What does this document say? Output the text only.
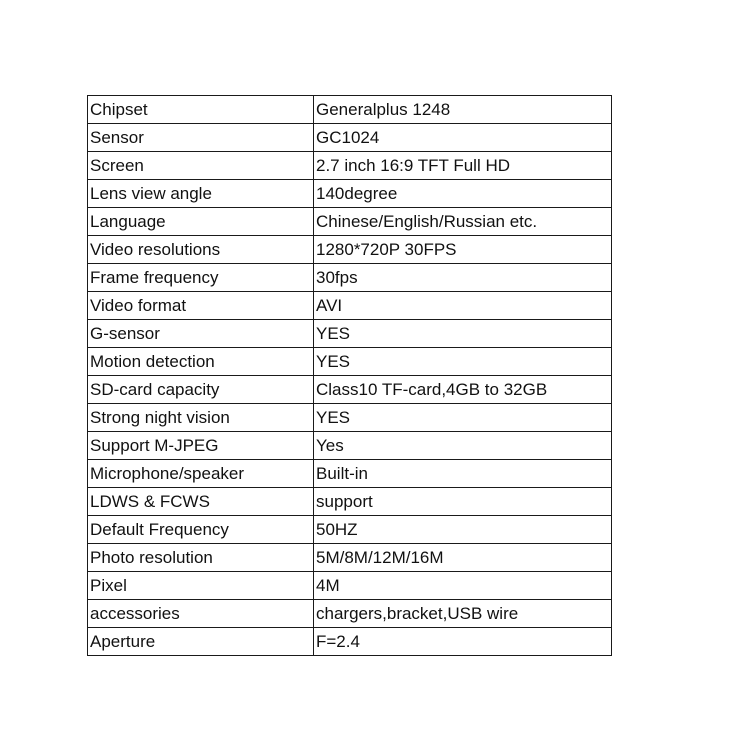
Chipset	Generalplus 1248
Sensor	GC1024
Screen	2.7 inch 16:9 TFT Full HD
Lens view angle	140degree
Language	Chinese/English/Russian etc.
Video resolutions	1280*720P 30FPS
Frame frequency	30fps
Video format	AVI
G-sensor	YES
Motion detection	YES
SD-card capacity	Class10 TF-card,4GB to 32GB
Strong night vision	YES
Support M-JPEG	Yes
Microphone/speaker	Built-in
LDWS & FCWS	support
Default Frequency	50HZ
Photo resolution	5M/8M/12M/16M
Pixel	4M
accessories	chargers,bracket,USB wire
Aperture	F=2.4
